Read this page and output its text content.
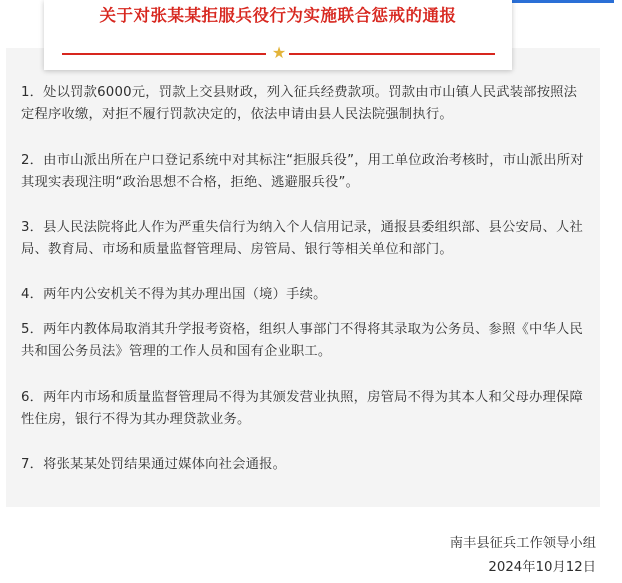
1．处以罚款6000元，罚款上交县财政，列入征兵经费款项。罚款由市山镇人民武装部按照法定程序收缴，对拒不履行罚款决定的，依法申请由县人民法院强制执行。
2．由市山派出所在户口登记系统中对其标注“拒服兵役”，用工单位政治考核时，市山派出所对其现实表现注明“政治思想不合格，拒绝、逃避服兵役”。
3．县人民法院将此人作为严重失信行为纳入个人信用记录，通报县委组织部、县公安局、人社局、教育局、市场和质量监督管理局、房管局、银行等相关单位和部门。
4．两年内公安机关不得为其办理出国（境）手续。
5．两年内教体局取消其升学报考资格，组织人事部门不得将其录取为公务员、参照《中华人民共和国公务员法》管理的工作人员和国有企业职工。
6．两年内市场和质量监督管理局不得为其颁发营业执照，房管局不得为其本人和父母办理保障性住房，银行不得为其办理贷款业务。
7．将张某某处罚结果通过媒体向社会通报。
关于对张某某拒服兵役行为实施联合惩戒的通报
★
南丰县征兵工作领导小组
2024年10月12日
